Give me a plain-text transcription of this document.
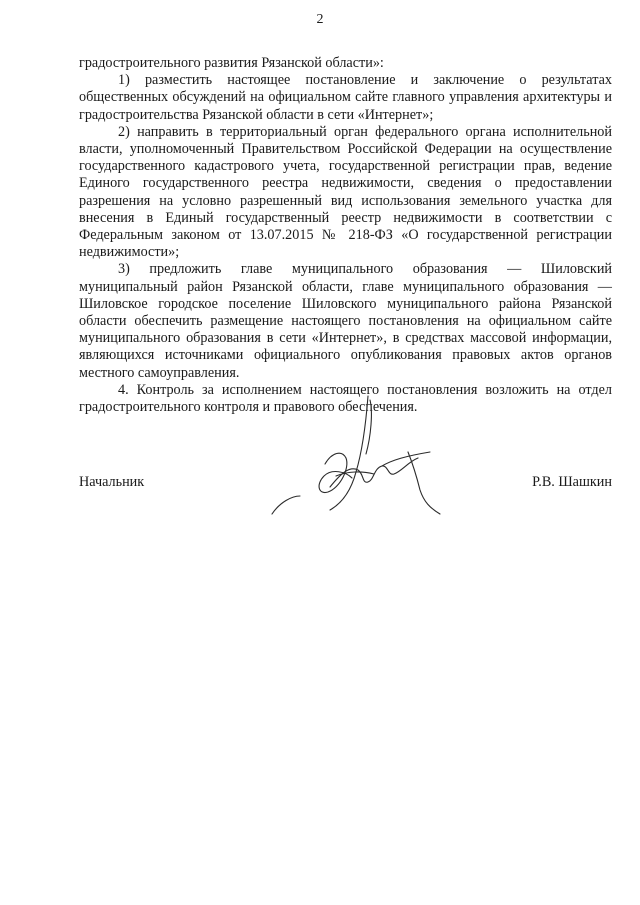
2

градостроительного развития Рязанской области»:

1) разместить настоящее постановление и заключение о результатах общественных обсуждений на официальном сайте главного управления архитектуры и градостроительства Рязанской области в сети «Интернет»;

2) направить в территориальный орган федерального органа исполнительной власти, уполномоченный Правительством Российской Федерации на осуществление государственного кадастрового учета, государственной регистрации прав, ведение Единого государственного реестра недвижимости, сведения о предоставлении разрешения на условно разрешенный вид использования земельного участка для внесения в Единый государственный реестр недвижимости в соответствии с Федеральным законом от 13.07.2015 № 218-ФЗ «О государственной регистрации недвижимости»;

3) предложить главе муниципального образования — Шиловский муниципальный район Рязанской области, главе муниципального образования — Шиловское городское поселение Шиловского муниципального района Рязанской области обеспечить размещение настоящего постановления на официальном сайте муниципального образования в сети «Интернет», в средствах массовой информации, являющихся источниками официального опубликования правовых актов органов местного самоуправления.

4. Контроль за исполнением настоящего постановления возложить на отдел градостроительного контроля и правового обеспечения.

Начальник	Р.В. Шашкин
